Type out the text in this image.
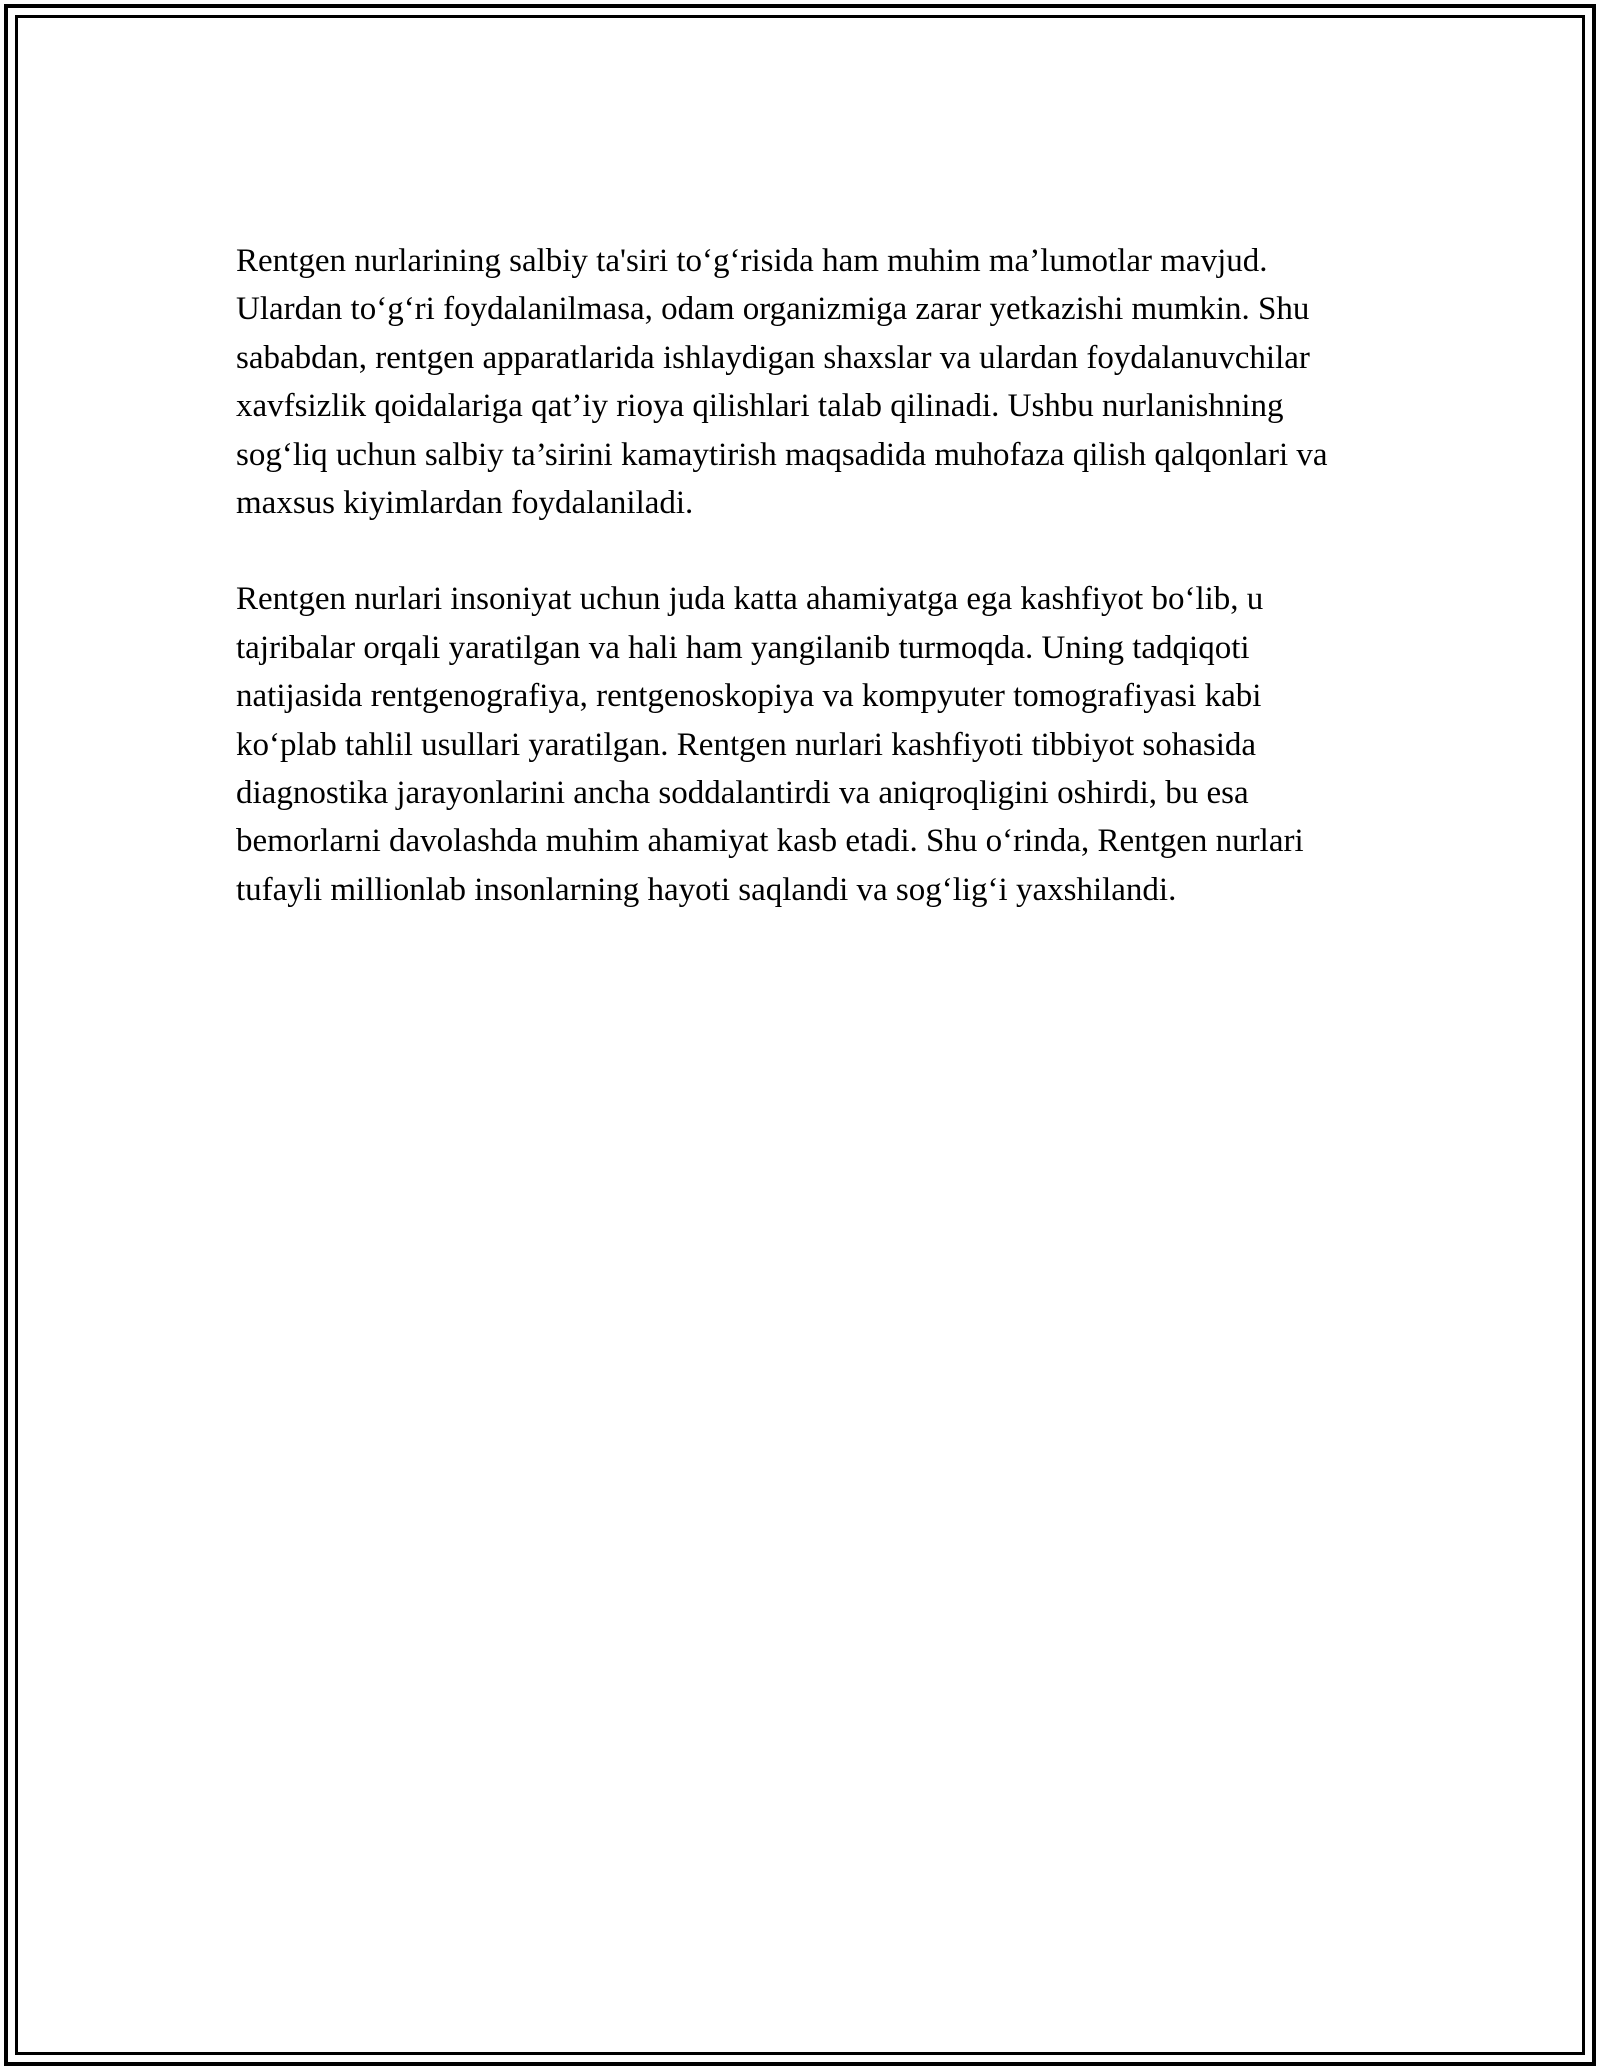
Rentgen nurlarining salbiy ta'siri to‘g‘risida ham muhim ma’lumotlar mavjud. Ulardan to‘g‘ri foydalanilmasa, odam organizmiga zarar yetkazishi mumkin. Shu sababdan, rentgen apparatlarida ishlaydigan shaxslar va ulardan foydalanuvchilar xavfsizlik qoidalariga qat’iy rioya qilishlari talab qilinadi. Ushbu nurlanishning sog‘liq uchun salbiy ta’sirini kamaytirish maqsadida muhofaza qilish qalqonlari va maxsus kiyimlardan foydalaniladi.

Rentgen nurlari insoniyat uchun juda katta ahamiyatga ega kashfiyot bo‘lib, u tajribalar orqali yaratilgan va hali ham yangilanib turmoqda. Uning tadqiqoti natijasida rentgenografiya, rentgenoskopiya va kompyuter tomografiyasi kabi ko‘plab tahlil usullari yaratilgan. Rentgen nurlari kashfiyoti tibbiyot sohasida diagnostika jarayonlarini ancha soddalantirdi va aniqroqligini oshirdi, bu esa bemorlarni davolashda muhim ahamiyat kasb etadi. Shu o‘rinda, Rentgen nurlari tufayli millionlab insonlarning hayoti saqlandi va sog‘lig‘i yaxshilandi.
